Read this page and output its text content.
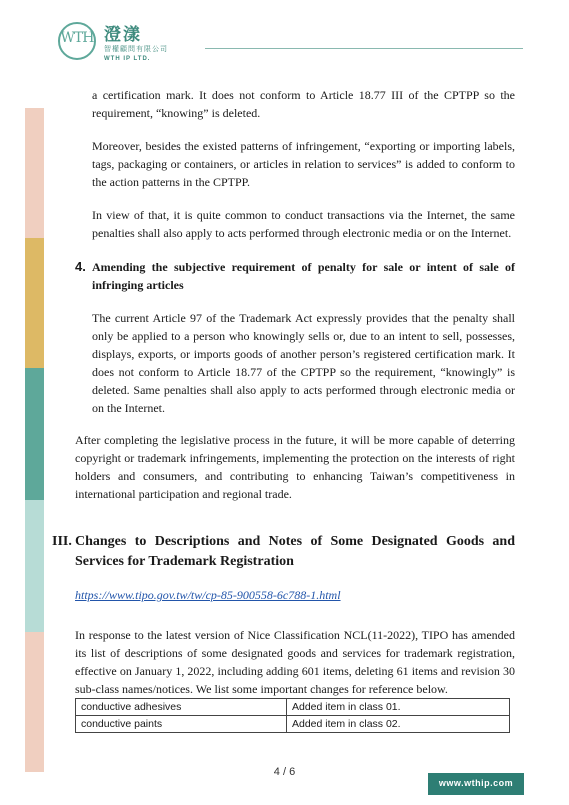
WTH 澄漾
智權顧問有限公司
WTH IP LTD.

a certification mark. It does not conform to Article 18.77 III of the CPTPP so the requirement, “knowing” is deleted.

Moreover, besides the existed patterns of infringement, “exporting or importing labels, tags, packaging or containers, or articles in relation to services” is added to conform to the action patterns in the CPTPP.

In view of that, it is quite common to conduct transactions via the Internet, the same penalties shall also apply to acts performed through electronic media or on the Internet.

4. Amending the subjective requirement of penalty for sale or intent of sale of infringing articles

The current Article 97 of the Trademark Act expressly provides that the penalty shall only be applied to a person who knowingly sells or, due to an intent to sell, possesses, displays, exports, or imports goods of another person’s registered certification mark. It does not conform to Article 18.77 of the CPTPP so the requirement, “knowingly” is deleted. Same penalties shall also apply to acts performed through electronic media or on the Internet.

After completing the legislative process in the future, it will be more capable of deterring copyright or trademark infringements, implementing the protection on the interests of right holders and consumers, and contributing to enhancing Taiwan’s competitiveness in international participation and regional trade.

III. Changes to Descriptions and Notes of Some Designated Goods and Services for Trademark Registration
https://www.tipo.gov.tw/tw/cp-85-900558-6c788-1.html

In response to the latest version of Nice Classification NCL(11-2022), TIPO has amended its list of descriptions of some designated goods and services for trademark registration, effective on January 1, 2022, including adding 601 items, deleting 61 items and revision 30 sub-class names/notices. We list some important changes for reference below.

conductive adhesives	Added item in class 01.
conductive paints	Added item in class 02.
4 / 6
www.wthip.com
